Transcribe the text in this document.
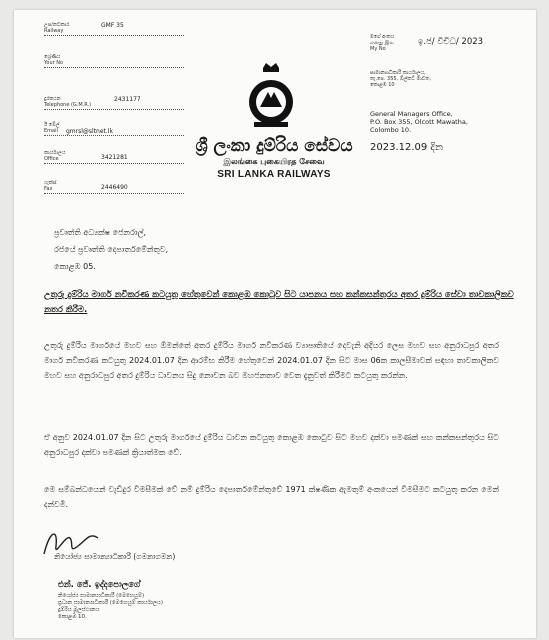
උප/නවකාර
Railway
GMF 35
ශ්‍රේණිය
Your No
දුරකථන
Telephone (G.M.R.)
2431177
ඊ මේල්
Email gmrsl@sltnet.lk
කාර්යාලය
Office	3421281
ෆැක්ස්
Fax	2446490
ශ්‍රී ලංකා දුම්රිය සේවය
இலங்கை புகையிரத சேவை
SRI LANKA RAILWAYS
මගේ අංකය
எனது இல
My No
ඉ.ජ/ විචිධ/ 2023
සාමාන්‍යාධිකාරී කාර්යාලය,
තැ.පෙ. 355, ඕල්කට් මාවත,
කොළඹ 10
General Managers Office,
P.O. Box 355, Olcott Mawatha,
Colombo 10.
2023.12.09 දින
ප්‍රවෘත්ති අධ්‍යක්ෂ ජෙනරාල්,
රජයේ ප්‍රවෘත්ති දෙපාර්තමේන්තුව,
කොළඹ 05.
උතුරු දුම්රිය මාර්ග නවීකරණ කටයුතු හේතුවෙන් කොළඹ කොටුව සිට යාපනය සහ කන්කසන්තුරය අතර දුම්රිය සේවා තාවකාලිකව නතර කිරීම.
උතුරු දුම්රිය මාර්ගයේ මහව සහ ඕමන්තේ අතර දුම්රිය මාර්ග නවීකරණ ව්‍යාපෘතියේ දෙවැනි අදියර ලෙස මහව සහ අනුරාධපුර අතර මාර්ග නවීකරණ කටයුතු 2024.01.07 දින ආරම්භ කිරීම හේතුවෙන් 2024.01.07 දින සිට මාස 06ක කාලසීමාවක් සඳහා තාවකාලිකව මහව සහ අනුරාධපුර අතර දුම්රිය ධාවනය සිදු නොවන බව මහජනතාව වෙත දැනුවත් කිරීමට කටයුතු කරන්න.
ඒ අනුව 2024.01.07 දින සිට උතුරු මාර්ගයේ දුම්රිය ධාවන කටයුතු කොළඹ කොටුව සිට මහව දක්වා පමණක් සහ කන්කසන්තුරය සිට අනුරාධපුර දක්වා පමණක් ක්‍රියාත්මක වේ.
මෙ සම්බන්ධයෙන් වැඩිදුර විමසීමක් වේ නම් දුම්රිය දෙපාර්තමේන්තුවේ 1971 ක්ෂණික ඇමතුම් අංකයෙන් විමසීමට කටයුතු කරන මෙන් දන්වමි.
නියෝජ්‍ය සාමාන්‍යාධිකාරී (ගමනාගමන)
එන්. ජේ. ඉද්දපොලගේ
නියෝජ්‍ය සාමාන්‍යාධිකාරී (මෙහෙයුම්)
ප්‍රධාන සාමාන්‍යාධිකාරී (මෙහෙයුම් කාර්යාලය)
දුම්රිය මූලස්ථානය
කොළඹ 10.
